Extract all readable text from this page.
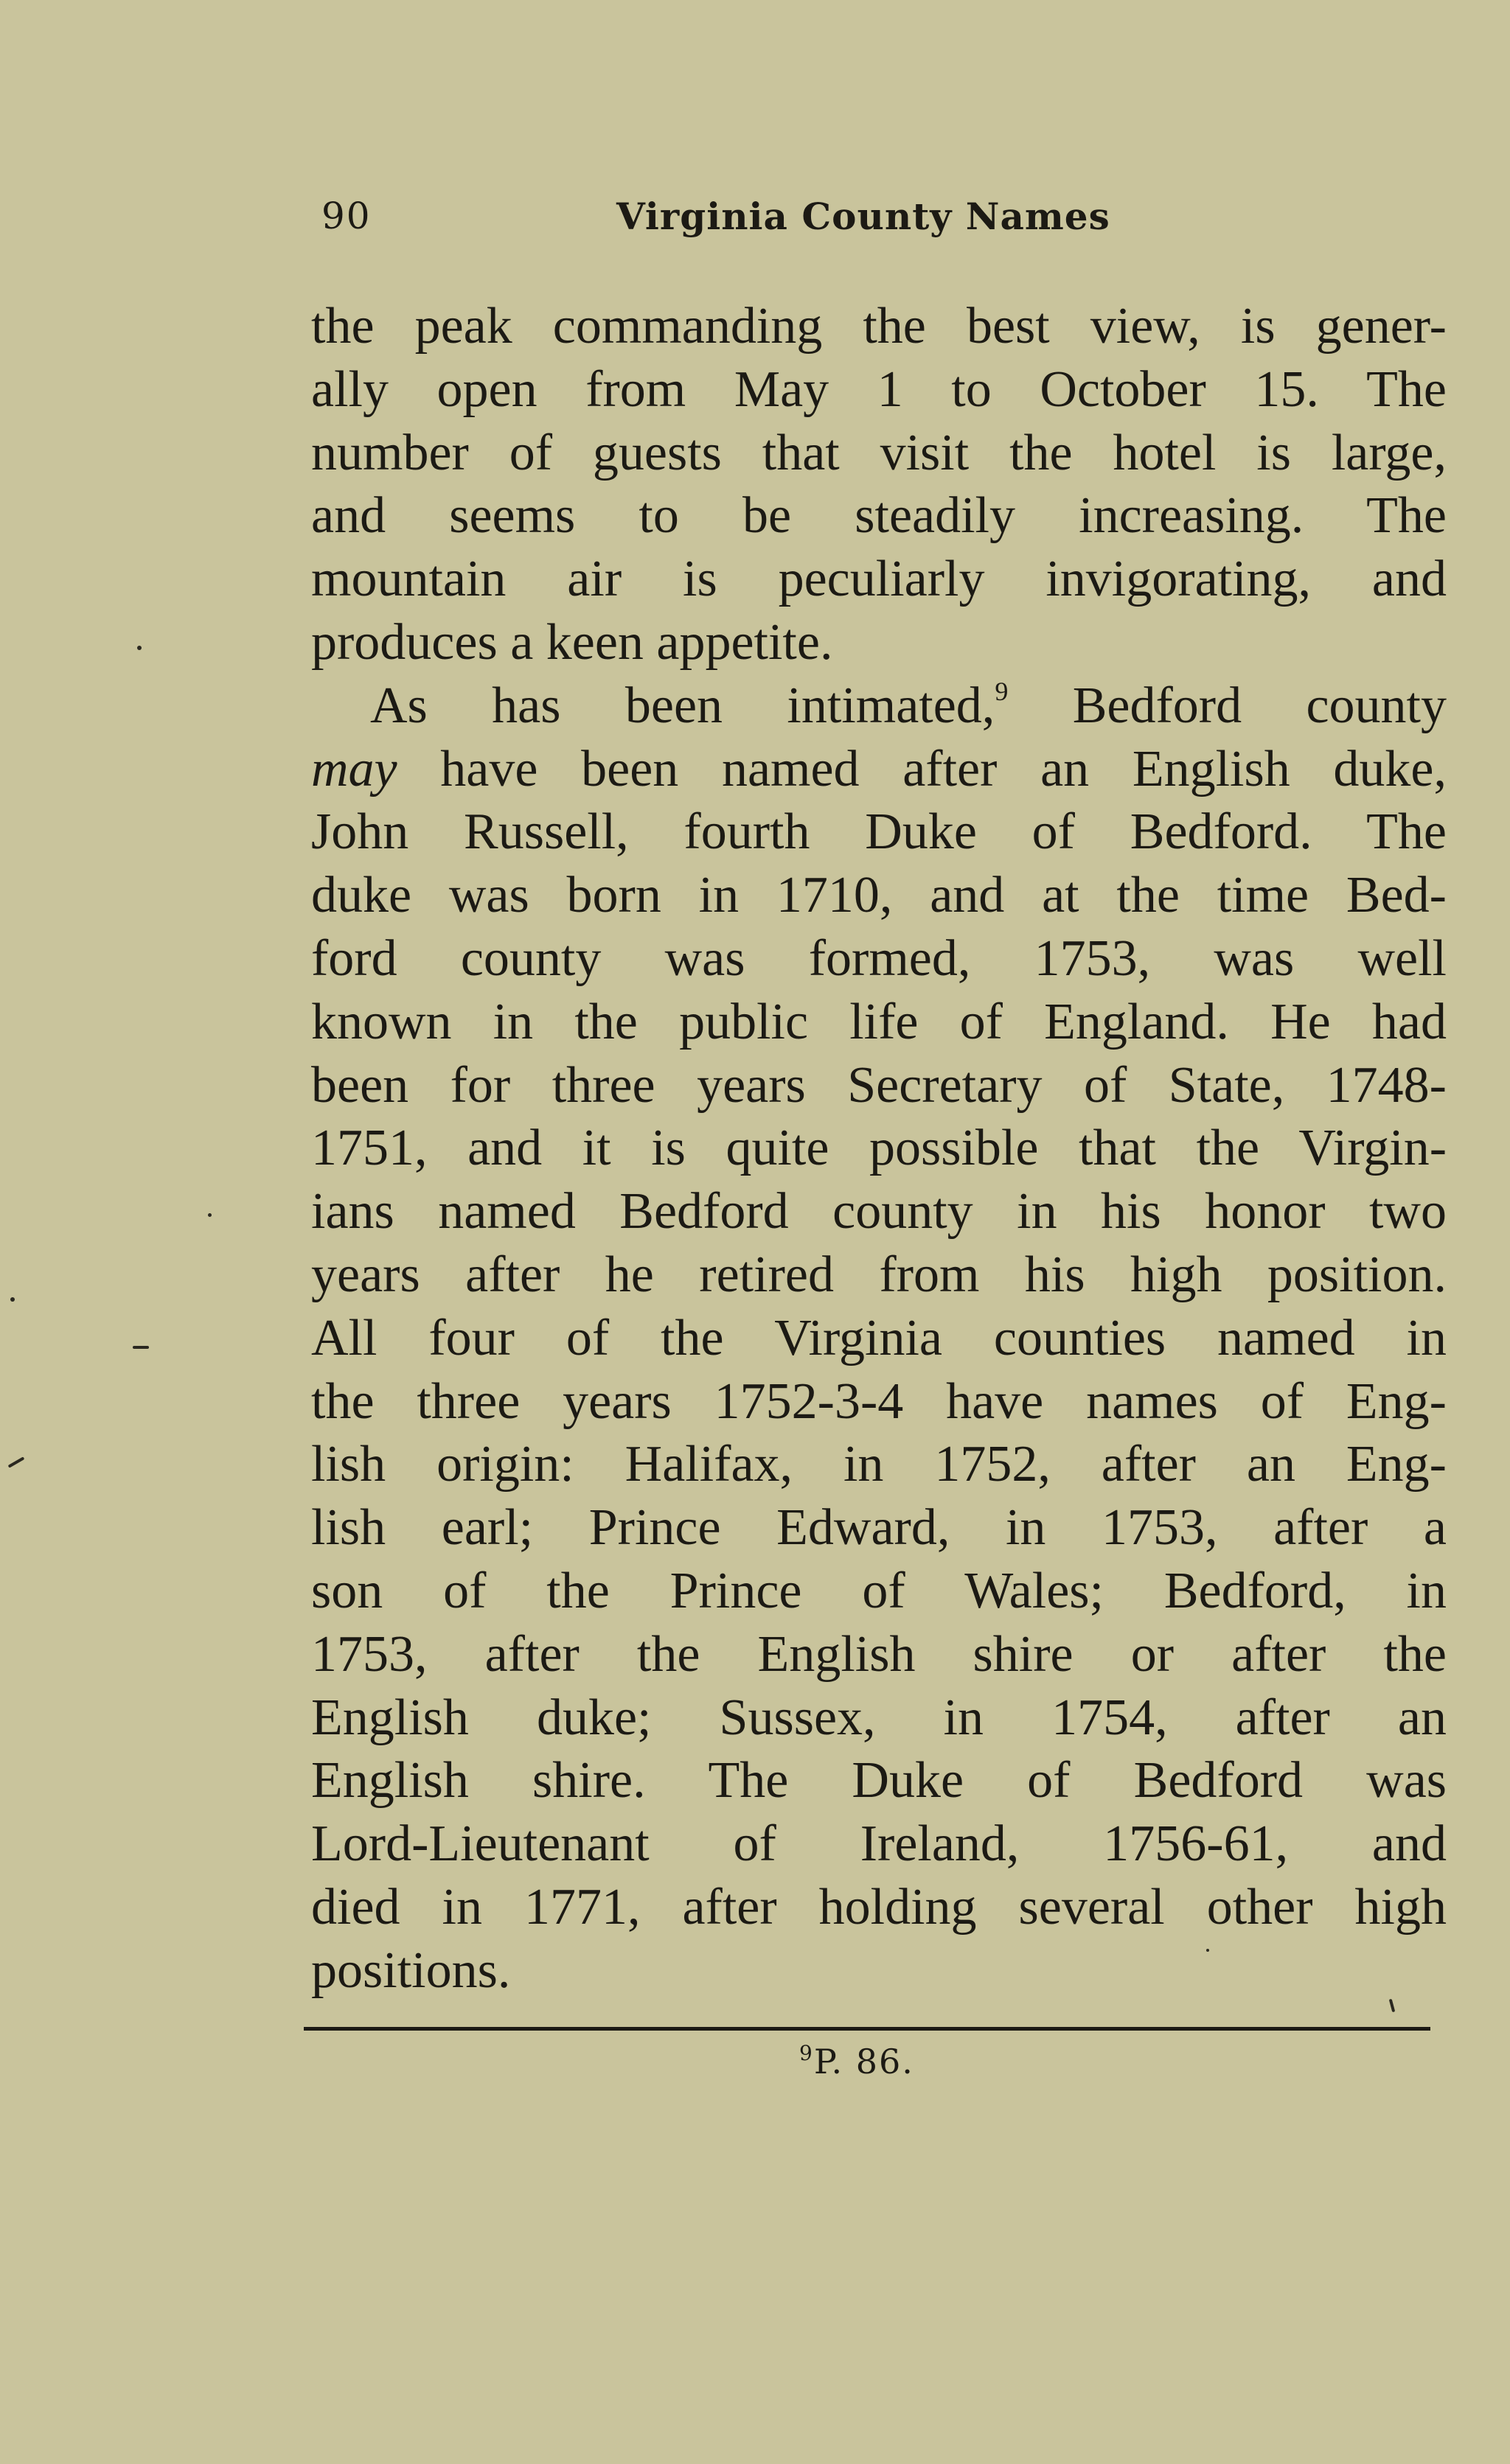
90	Virginia County Names
the peak commanding the best view, is gener-
ally open from May 1 to October 15. The
number of guests that visit the hotel is large,
and seems to be steadily increasing. The
mountain air is peculiarly invigorating, and
produces a keen appetite.
As has been intimated,$^9$ Bedford county
may have been named after an English duke,
John Russell, fourth Duke of Bedford. The
duke was born in 1710, and at the time Bed-
ford county was formed, 1753, was well
known in the public life of England. He had
been for three years Secretary of State, 1748-
1751, and it is quite possible that the Virgin-
ians named Bedford county in his honor two
years after he retired from his high position.
All four of the Virginia counties named in
the three years 1752-3-4 have names of Eng-
lish origin: Halifax, in 1752, after an Eng-
lish earl; Prince Edward, in 1753, after a
son of the Prince of Wales; Bedford, in
1753, after the English shire or after the
English duke; Sussex, in 1754, after an
English shire. The Duke of Bedford was
Lord-Lieutenant of Ireland, 1756-61, and
died in 1771, after holding several other high
positions.
$^9$P. 86.
